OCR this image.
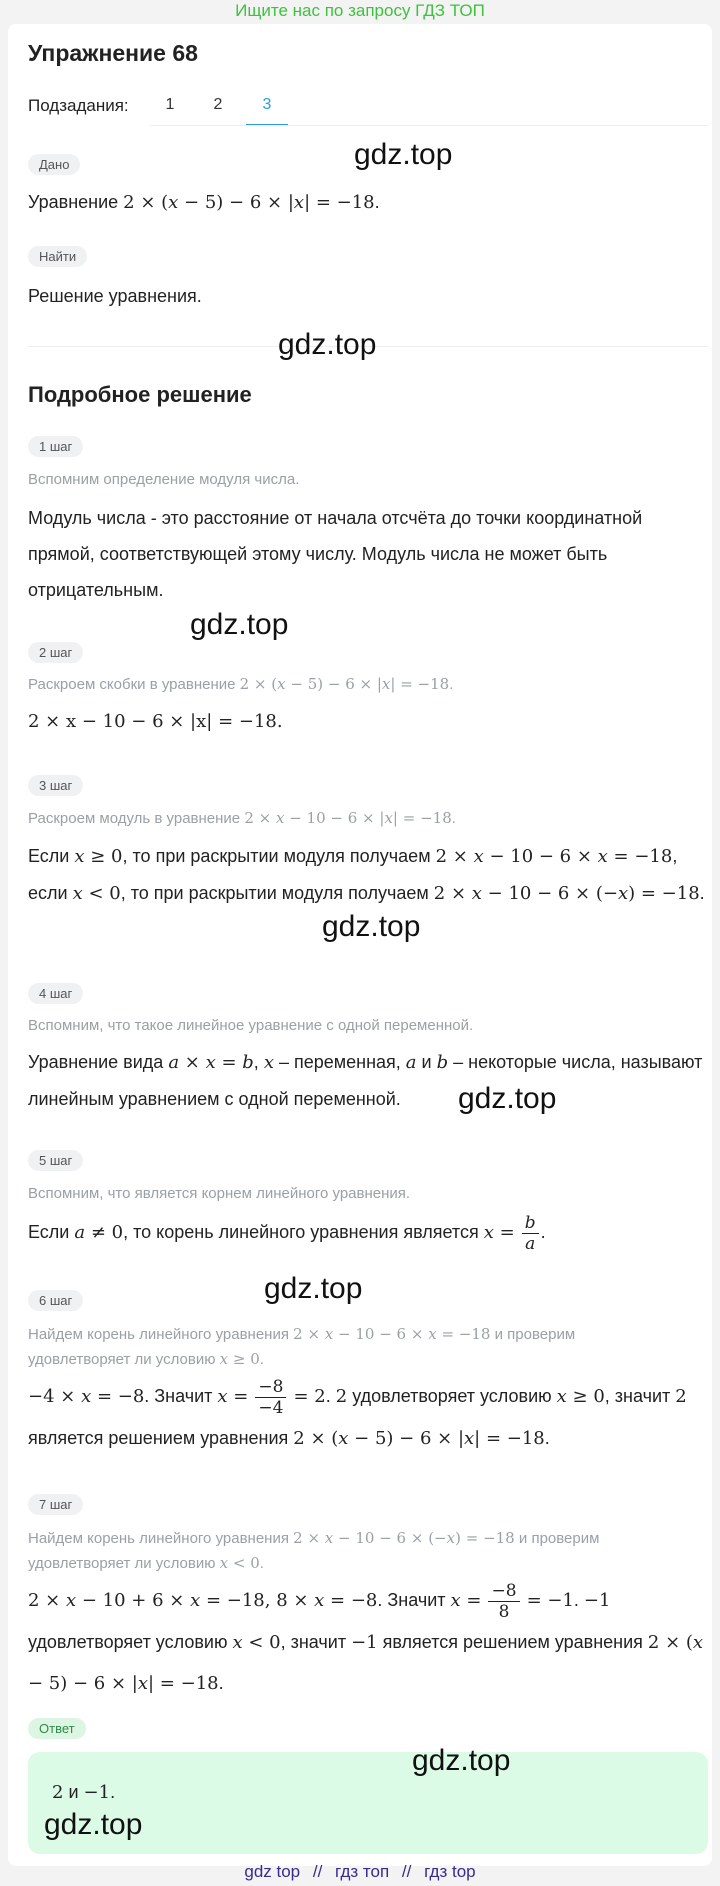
Ищите нас по запросу ГДЗ ТОП
Упражнение 68
Подзадания:	1	2	3
Дано	gdz.top
Уравнение 2 × (x − 5) − 6 × |x| = −18.
Найти
Решение уравнения.
gdz.top
Подробное решение
1 шаг
Вспомним определение модуля числа.
Модуль числа - это расстояние от начала отсчёта до точки координатной прямой, соответствующей этому числу. Модуль числа не может быть отрицательным.
gdz.top
2 шаг
Раскроем скобки в уравнение 2 × (x − 5) − 6 × |x| = −18.
2 × x − 10 − 6 × |x| = −18.
3 шаг
Раскроем модуль в уравнение 2 × x − 10 − 6 × |x| = −18.
Если x ≥ 0, то при раскрытии модуля получаем 2 × x − 10 − 6 × x = −18, если x < 0, то при раскрытии модуля получаем 2 × x − 10 − 6 × (−x) = −18.
gdz.top
4 шаг
Вспомним, что такое линейное уравнение с одной переменной.
Уравнение вида a × x = b, x – переменная, a и b – некоторые числа, называют линейным уравнением с одной переменной.	gdz.top
5 шаг
Вспомним, что является корнем линейного уравнения.
Если a ≠ 0, то корень линейного уравнения является $x = \frac{b}{a}$ .
gdz.top
6 шаг
Найдем корень линейного уравнения 2 × x − 10 − 6 × x = −18 и проверим удовлетворяет ли условию x ≥ 0.
−4 × x = −8. Значит $x = \frac{-8}{-4} = 2$. 2 удовлетворяет условию x ≥ 0, значит 2 является решением уравнения 2 × (x − 5) − 6 × |x| = −18.
7 шаг
Найдем корень линейного уравнения 2 × x − 10 − 6 × (−x) = −18 и проверим удовлетворяет ли условию x < 0.
2 × x − 10 + 6 × x = −18, 8 × x = −8. Значит $x = \frac{-8}{8} = -1$. −1 удовлетворяет условию x < 0, значит −1 является решением уравнения 2 × (x − 5) − 6 × |x| = −18.
Ответ
gdz.top
2 и −1.
gdz.top
gdz top // гдз топ // гдз top
